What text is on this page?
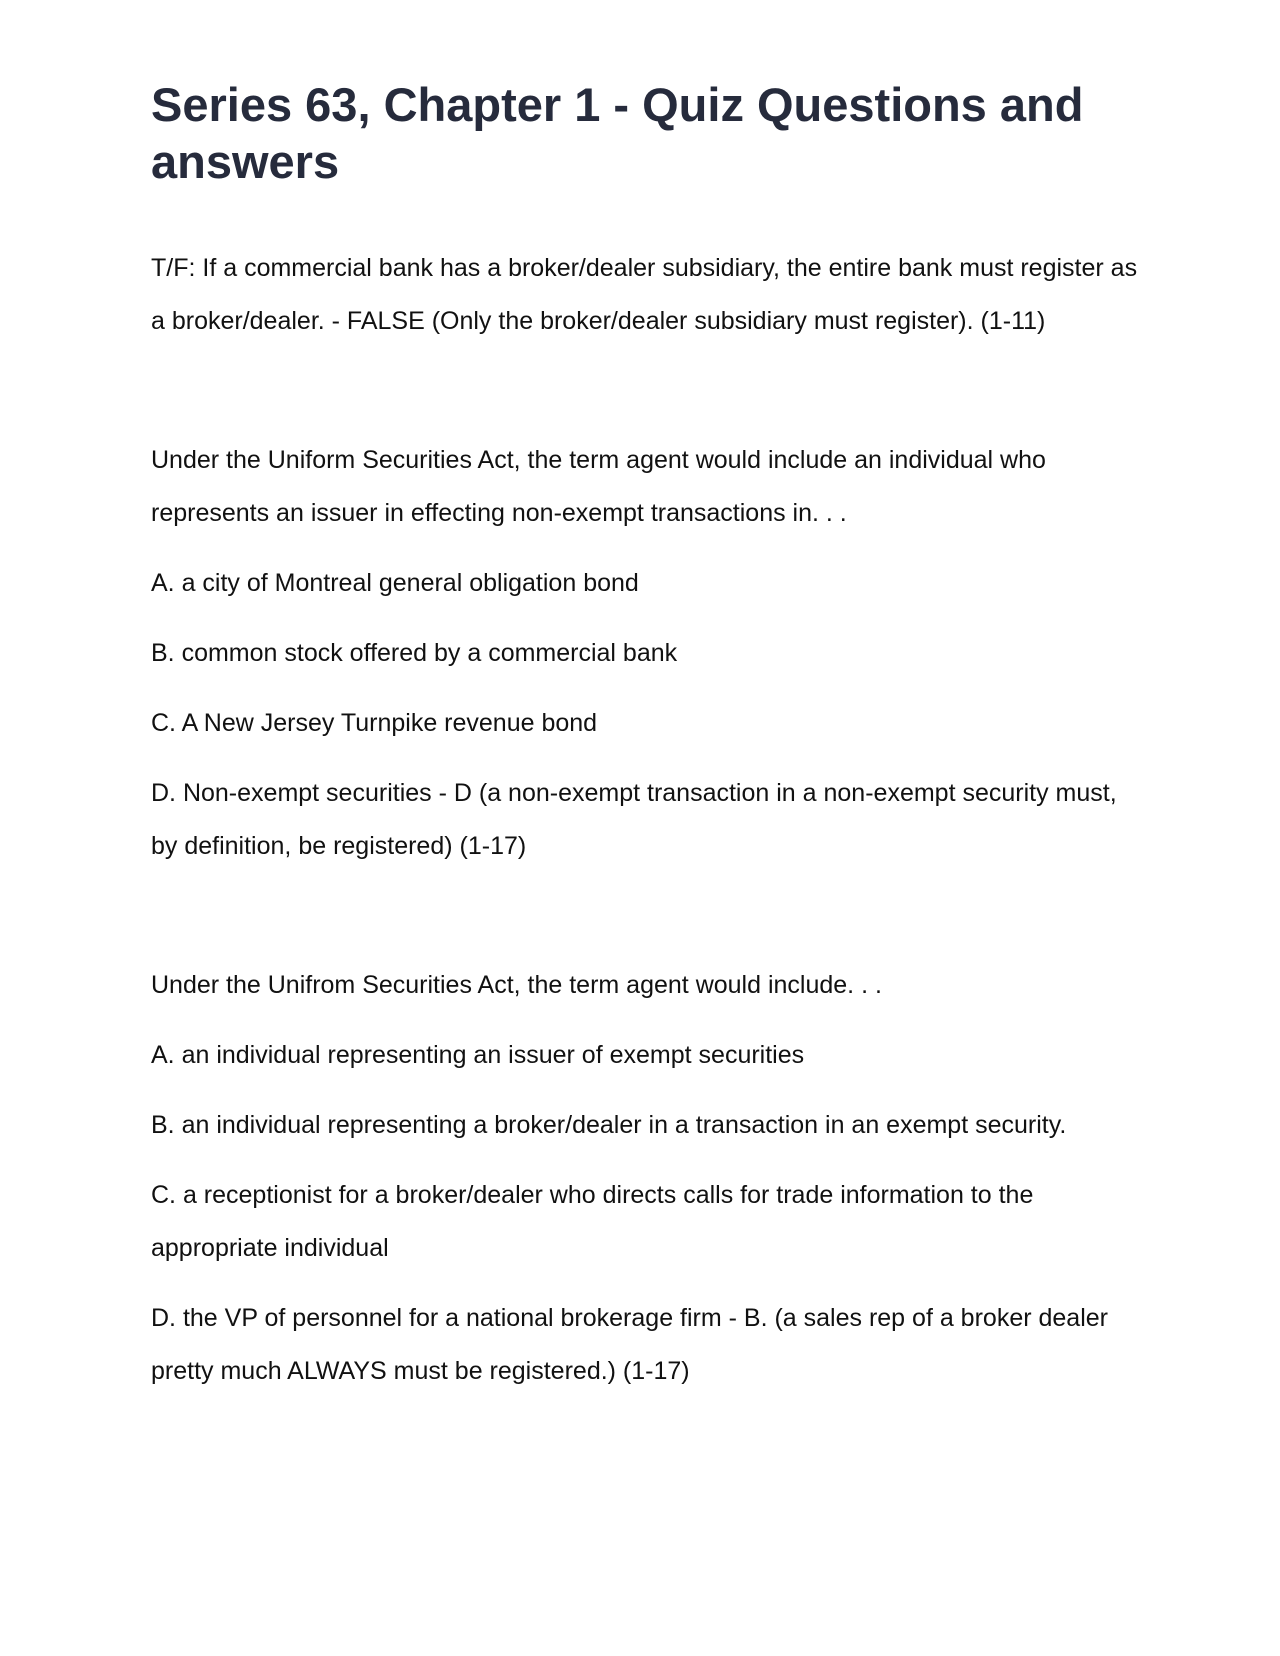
Series 63, Chapter 1 - Quiz Questions and answers

T/F: If a commercial bank has a broker/dealer subsidiary, the entire bank must register as a broker/dealer. - FALSE (Only the broker/dealer subsidiary must register). (1-11)

Under the Uniform Securities Act, the term agent would include an individual who represents an issuer in effecting non-exempt transactions in. . .

A. a city of Montreal general obligation bond

B. common stock offered by a commercial bank

C. A New Jersey Turnpike revenue bond

D. Non-exempt securities - D (a non-exempt transaction in a non-exempt security must, by definition, be registered) (1-17)

Under the Unifrom Securities Act, the term agent would include. . .

A. an individual representing an issuer of exempt securities

B. an individual representing a broker/dealer in a transaction in an exempt security.

C. a receptionist for a broker/dealer who directs calls for trade information to the appropriate individual

D. the VP of personnel for a national brokerage firm - B. (a sales rep of a broker dealer pretty much ALWAYS must be registered.) (1-17)
